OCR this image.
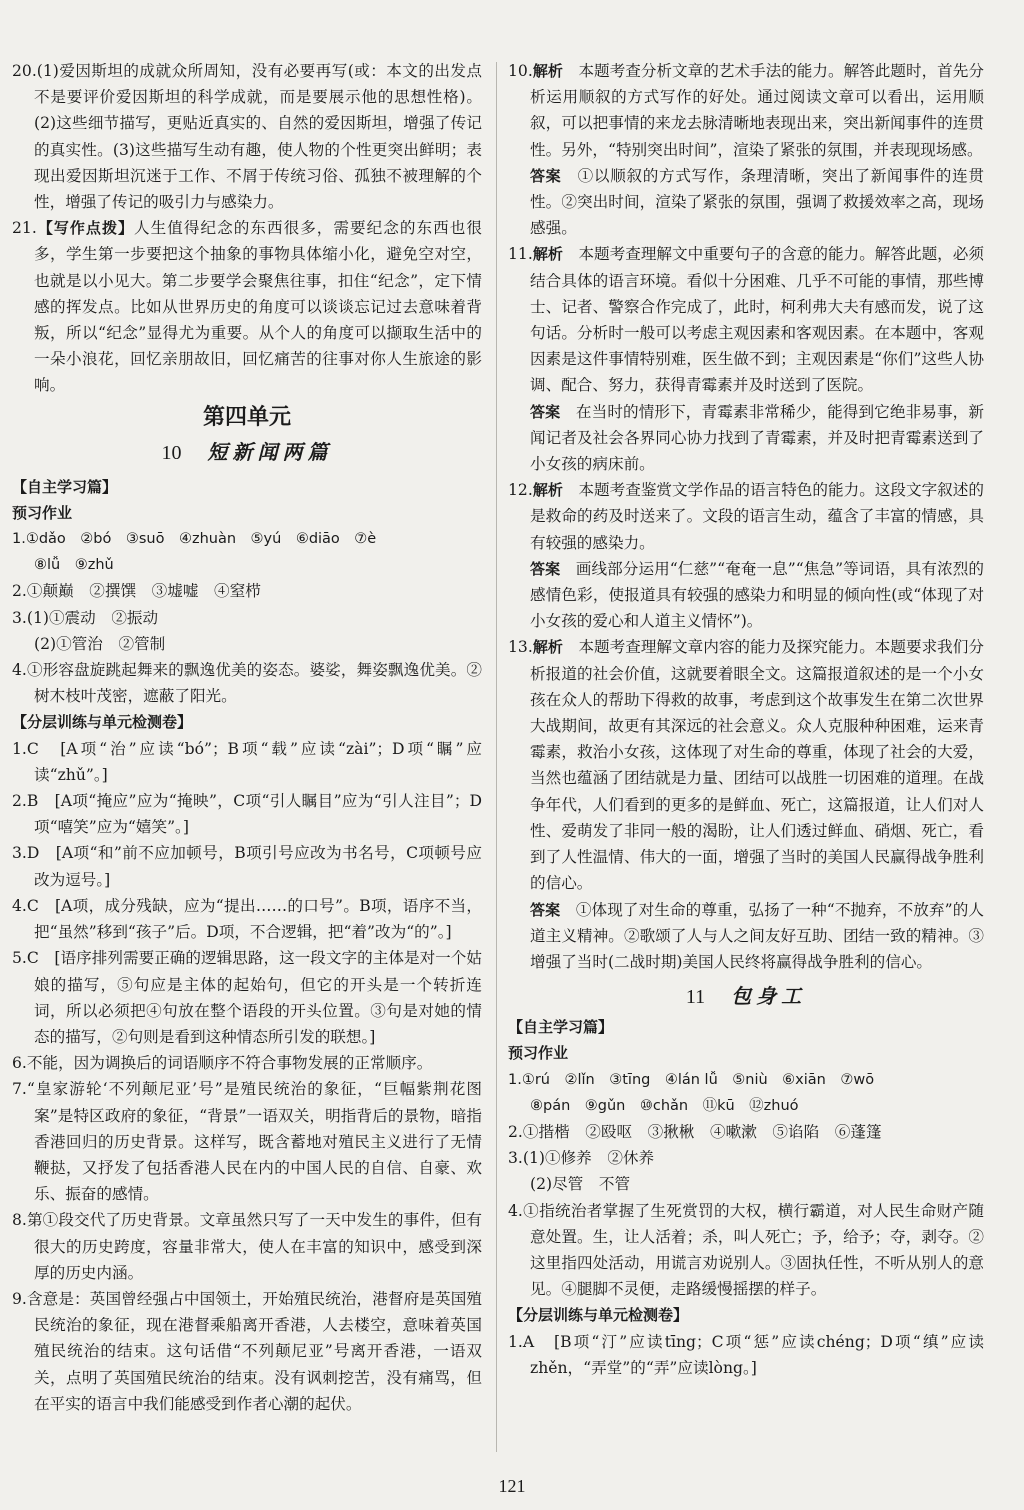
20.(1)爱因斯坦的成就众所周知，没有必要再写(或：本文的出发点不是要评价爱因斯坦的科学成就，而是要展示他的思想性格)。(2)这些细节描写，更贴近真实的、自然的爱因斯坦，增强了传记的真实性。(3)这些描写生动有趣，使人物的个性更突出鲜明；表现出爱因斯坦沉迷于工作、不屑于传统习俗、孤独不被理解的个性，增强了传记的吸引力与感染力。

21.【写作点拨】人生值得纪念的东西很多，需要纪念的东西也很多，学生第一步要把这个抽象的事物具体缩小化，避免空对空，也就是以小见大。第二步要学会聚焦往事，扣住“纪念”，定下情感的挥发点。比如从世界历史的角度可以谈谈忘记过去意味着背叛，所以“纪念”显得尤为重要。从个人的角度可以撷取生活中的一朵小浪花，回忆亲朋故旧，回忆痛苦的往事对你人生旅途的影响。

第四单元
10 短新闻两篇

【自主学习篇】

预习作业

1.①dǎo　②bó　③suō　④zhuàn　⑤yú　⑥diāo　⑦è

⑧lǚ　⑨zhǔ

2.①颠巅　②撰馔　③墟嘘　④窒栉

3.(1)①震动　②振动

(2)①管治　②管制

4.①形容盘旋跳起舞来的飘逸优美的姿态。婆娑，舞姿飘逸优美。②树木枝叶茂密，遮蔽了阳光。

【分层训练与单元检测卷】

1.C　[A项“治”应读“bó”；B项“载”应读“zài”；D项“瞩”应读“zhǔ”。]

2.B　[A项“掩应”应为“掩映”，C项“引人瞩目”应为“引人注目”；D项“嘻笑”应为“嬉笑”。]

3.D　[A项“和”前不应加顿号，B项引号应改为书名号，C项顿号应改为逗号。]

4.C　[A项，成分残缺，应为“提出……的口号”。B项，语序不当，把“虽然”移到“孩子”后。D项，不合逻辑，把“着”改为“的”。]

5.C　[语序排列需要正确的逻辑思路，这一段文字的主体是对一个姑娘的描写，⑤句应是主体的起始句，但它的开头是一个转折连词，所以必须把④句放在整个语段的开头位置。③句是对她的情态的描写，②句则是看到这种情态所引发的联想。]

6.不能，因为调换后的词语顺序不符合事物发展的正常顺序。

7.“皇家游轮‘不列颠尼亚’号”是殖民统治的象征，“巨幅紫荆花图案”是特区政府的象征，“背景”一语双关，明指背后的景物，暗指香港回归的历史背景。这样写，既含蓄地对殖民主义进行了无情鞭挞，又抒发了包括香港人民在内的中国人民的自信、自豪、欢乐、振奋的感情。

8.第①段交代了历史背景。文章虽然只写了一天中发生的事件，但有很大的历史跨度，容量非常大，使人在丰富的知识中，感受到深厚的历史内涵。

9.含意是：英国曾经强占中国领土，开始殖民统治，港督府是英国殖民统治的象征，现在港督乘船离开香港，人去楼空，意味着英国殖民统治的结束。这句话借“不列颠尼亚”号离开香港，一语双关，点明了英国殖民统治的结束。没有讽刺挖苦，没有痛骂，但在平实的语言中我们能感受到作者心潮的起伏。

10.解析　 本题考查分析文章的艺术手法的能力。解答此题时，首先分析运用顺叙的方式写作的好处。通过阅读文章可以看出，运用顺叙，可以把事情的来龙去脉清晰地表现出来，突出新闻事件的连贯性。另外，“特别突出时间”，渲染了紧张的氛围，并表现现场感。

答案　 ①以顺叙的方式写作，条理清晰，突出了新闻事件的连贯性。②突出时间，渲染了紧张的氛围，强调了救援效率之高，现场感强。

11.解析　 本题考查理解文中重要句子的含意的能力。解答此题，必须结合具体的语言环境。看似十分困难、几乎不可能的事情，那些博士、记者、警察合作完成了，此时，柯利弗大夫有感而发，说了这句话。分析时一般可以考虑主观因素和客观因素。在本题中，客观因素是这件事情特别难，医生做不到；主观因素是“你们”这些人协调、配合、努力，获得青霉素并及时送到了医院。

答案　 在当时的情形下，青霉素非常稀少，能得到它绝非易事，新闻记者及社会各界同心协力找到了青霉素，并及时把青霉素送到了小女孩的病床前。

12.解析　 本题考查鉴赏文学作品的语言特色的能力。这段文字叙述的是救命的药及时送来了。文段的语言生动，蕴含了丰富的情感，具有较强的感染力。

答案　 画线部分运用“仁慈”“奄奄一息”“焦急”等词语，具有浓烈的感情色彩，使报道具有较强的感染力和明显的倾向性(或“体现了对小女孩的爱心和人道主义情怀”)。

13.解析　 本题考查理解文章内容的能力及探究能力。本题要求我们分析报道的社会价值，这就要着眼全文。这篇报道叙述的是一个小女孩在众人的帮助下得救的故事，考虑到这个故事发生在第二次世界大战期间，故更有其深远的社会意义。众人克服种种困难，运来青霉素，救治小女孩，这体现了对生命的尊重，体现了社会的大爱，当然也蕴涵了团结就是力量、团结可以战胜一切困难的道理。在战争年代，人们看到的更多的是鲜血、死亡，这篇报道，让人们对人性、爱萌发了非同一般的渴盼，让人们透过鲜血、硝烟、死亡，看到了人性温情、伟大的一面，增强了当时的美国人民赢得战争胜利的信心。

答案　 ①体现了对生命的尊重，弘扬了一种“不抛弃，不放弃”的人道主义精神。②歌颂了人与人之间友好互助、团结一致的精神。③增强了当时(二战时期)美国人民终将赢得战争胜利的信心。

11 包身工

【自主学习篇】

预习作业

1.①rú　②lǐn　③tīng　④lán lǚ　⑤niù　⑥xiān　⑦wō

⑧pán　⑨gǔn　⑩chǎn　⑪kū　⑫zhuó

2.①揩楷　②殴呕　③揪楸　④嗽漱　⑤谄陷　⑥蓬篷

3.(1)①修养　②休养

(2)尽管　不管

4.①指统治者掌握了生死赏罚的大权，横行霸道，对人民生命财产随意处置。生，让人活着；杀，叫人死亡；予，给予；夺，剥夺。②这里指四处活动，用谎言劝说别人。③固执任性，不听从别人的意见。④腿脚不灵便，走路缓慢摇摆的样子。

【分层训练与单元检测卷】

1.A　[B项“汀”应读tīng；C项“惩”应读chéng；D项“缜”应读zhěn，“弄堂”的“弄”应读lòng。]

121
